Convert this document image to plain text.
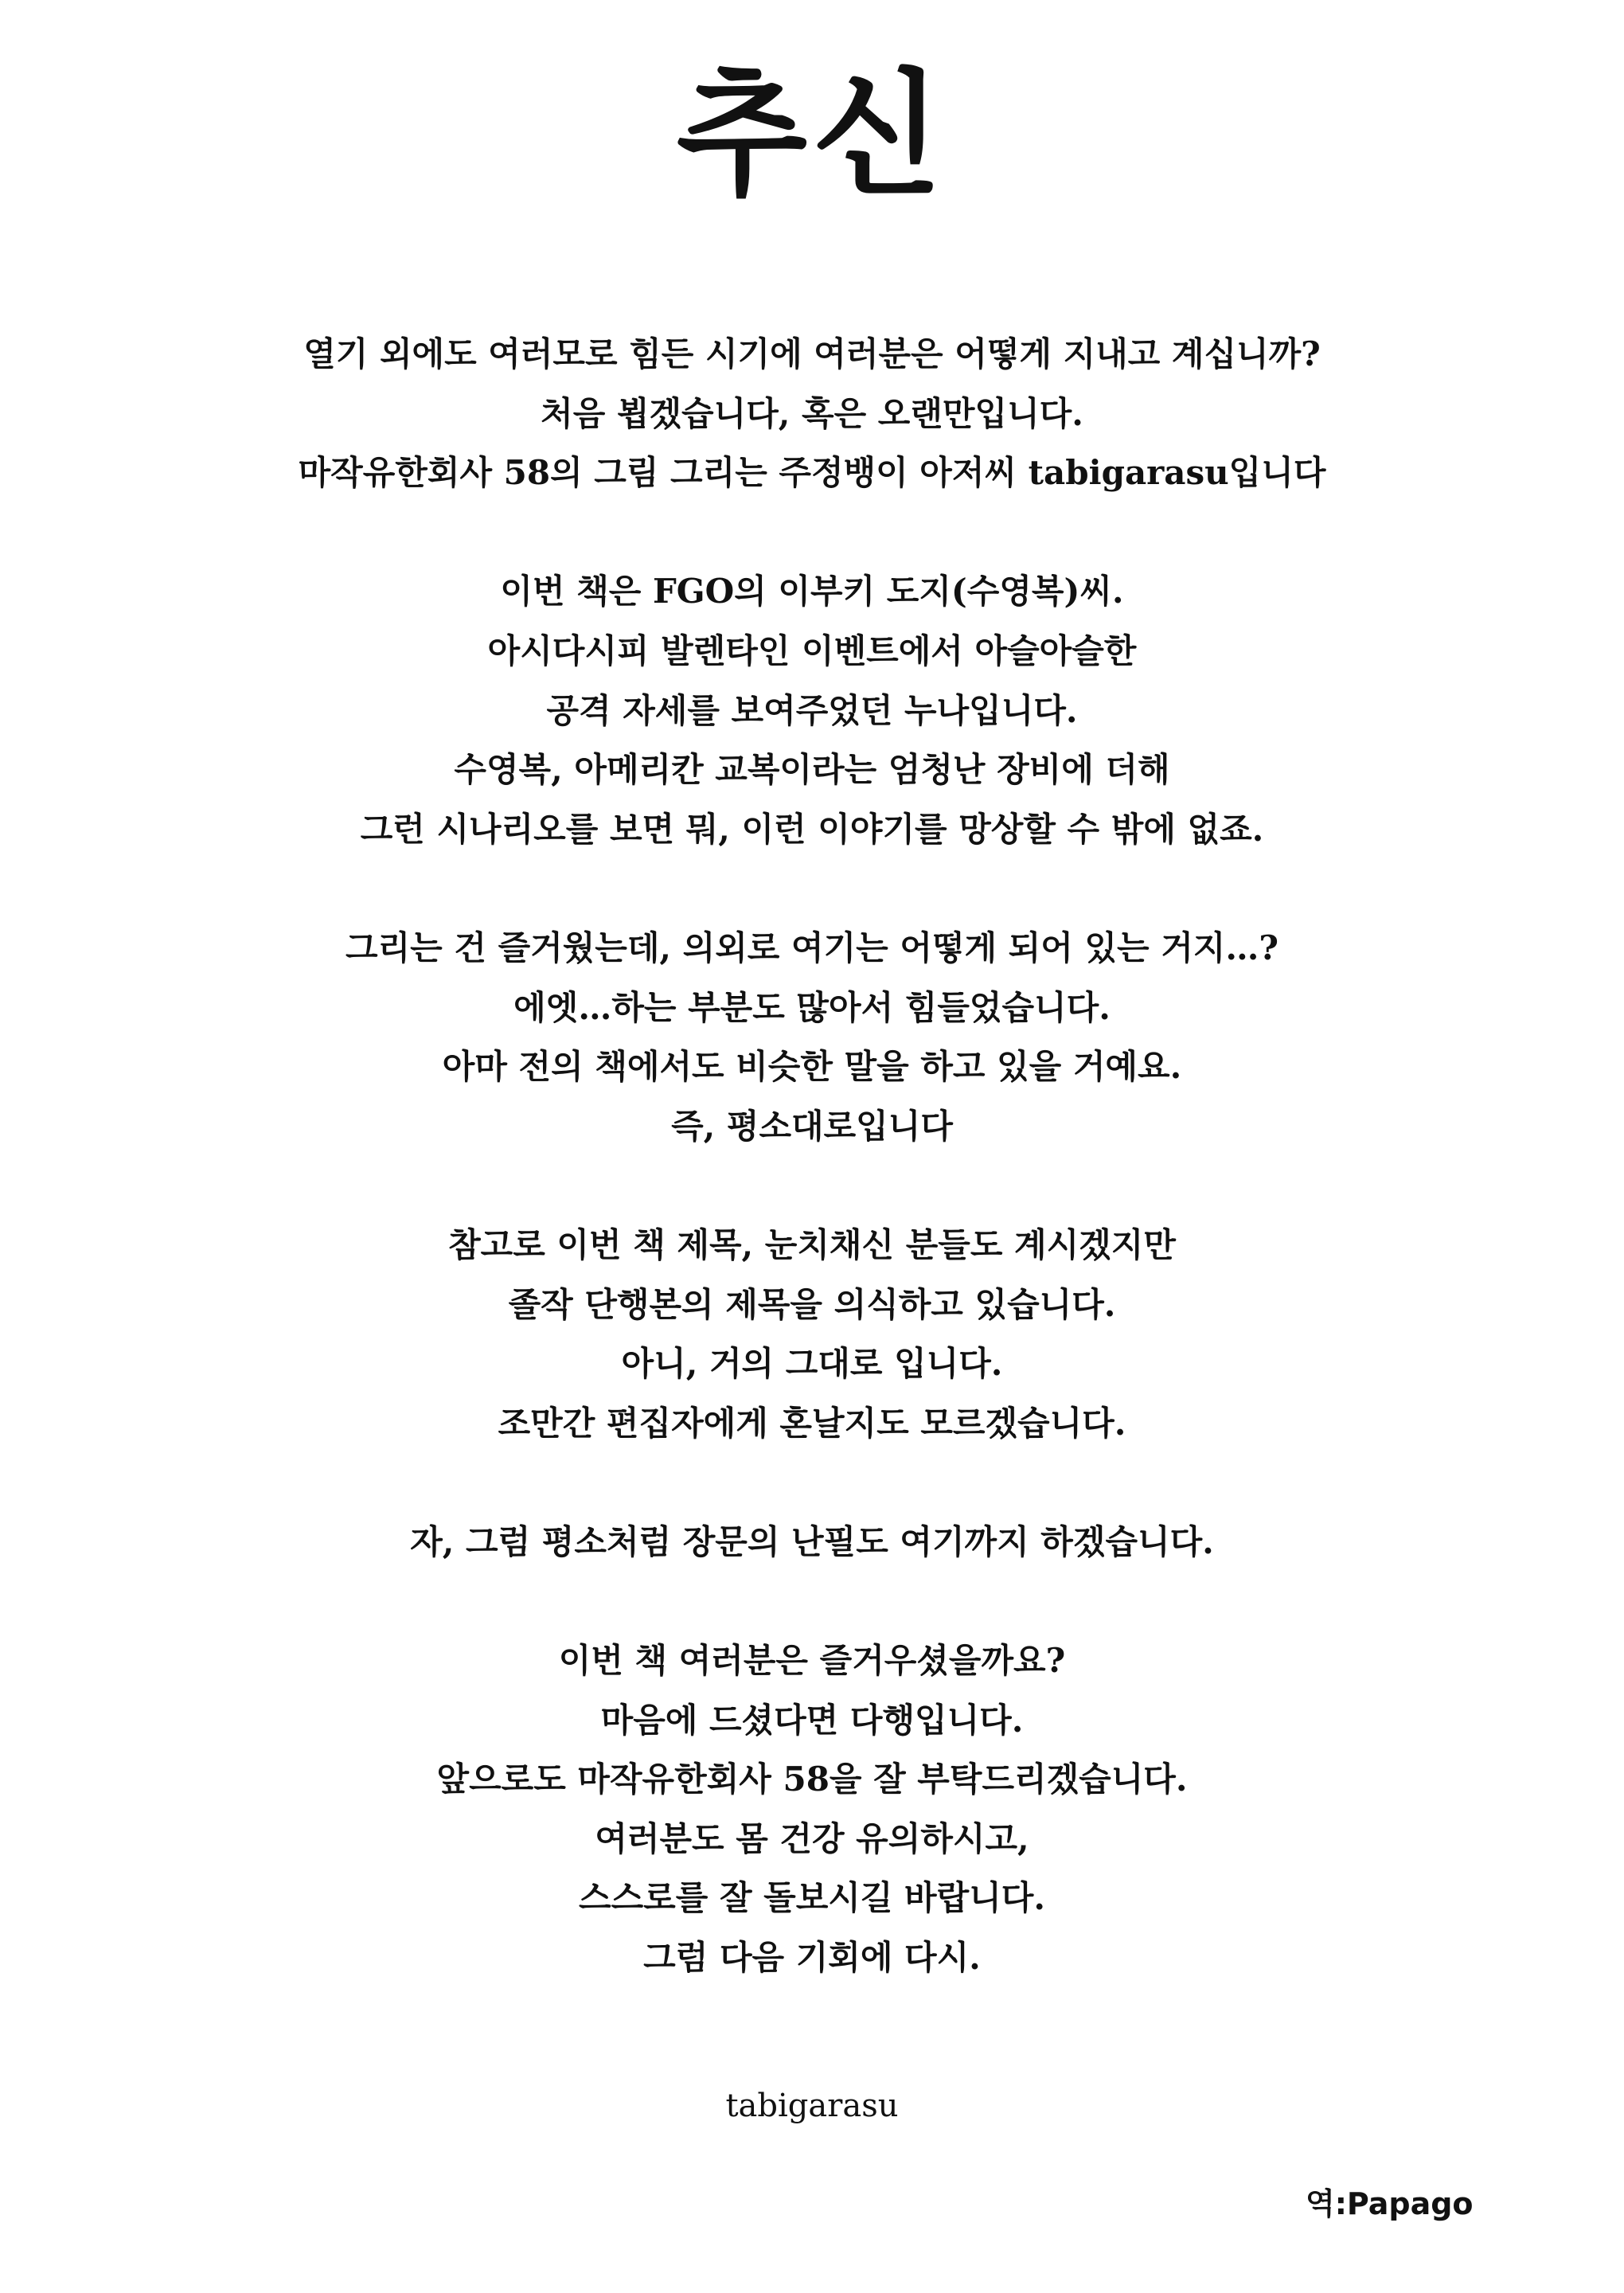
추신
열기 외에도 여러모로 힘든 시기에 여러분은 어떻게 지내고 계십니까?
처음 뵙겠습니다, 혹은 오랜만입니다.
마작유한회사 58의 그림 그리는 주정뱅이 아저씨 tabigarasu입니다
이번 책은 FGO의 이부키 도지(수영복)씨.
아시다시피 발렌타인 이벤트에서 아슬아슬한
공격 자세를 보여주었던 누나입니다.
수영복, 아메리칸 교복이라는 엄청난 장비에 더해
그런 시나리오를 보면 뭐, 이런 이야기를 망상할 수 밖에 없죠.
그리는 건 즐거웠는데, 의외로 여기는 어떻게 되어 있는 거지…?
에엣…하는 부분도 많아서 힘들었습니다.
아마 전의 책에서도 비슷한 말을 하고 있을 거예요.
즉, 평소대로입니다
참고로 이번 책 제목, 눈치채신 분들도 계시겠지만
졸작 단행본의 제목을 의식하고 있습니다.
아니, 거의 그대로 입니다.
조만간 편집자에게 혼날지도 모르겠습니다.
자, 그럼 평소처럼 장문의 난필도 여기까지 하겠습니다.
이번 책 여러분은 즐거우셨을까요?
마음에 드셨다면 다행입니다.
앞으로도 마작유한회사 58을 잘 부탁드리겠습니다.
여러분도 몸 건강 유의하시고,
스스로를 잘 돌보시길 바랍니다.
그럼 다음 기회에 다시.
tabigarasu
역:Papago
